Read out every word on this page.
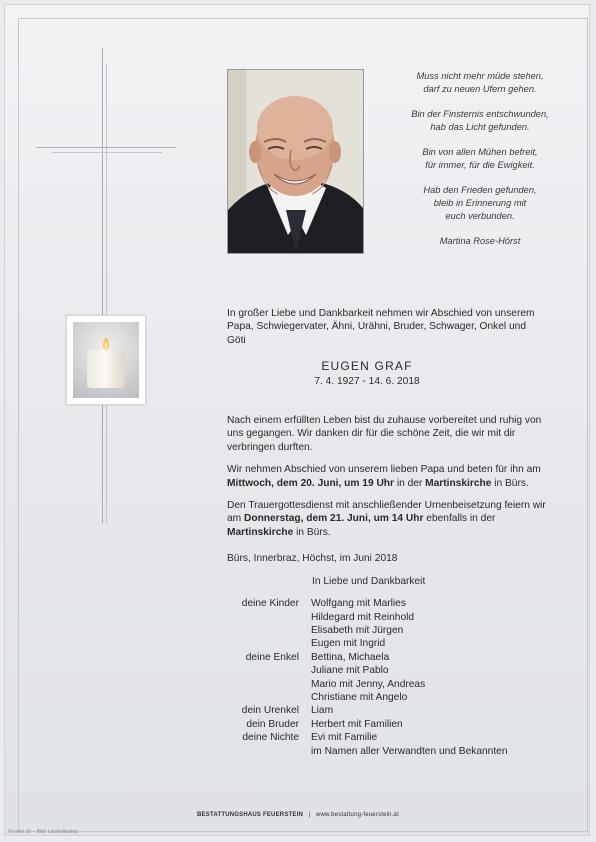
Muss nicht mehr müde stehen,
darf zu neuen Ufern gehen.
Bin der Finsternis entschwunden,
hab das Licht gefunden.
Bin von allen Mühen befreit,
für immer, für die Ewigkeit.
Hab den Frieden gefunden,
bleib in Erinnerung mit
euch verbunden.
Martina Rose-Hörst

In großer Liebe und Dankbarkeit nehmen wir Abschied von unserem Papa, Schwiegervater, Ähni, Urähni, Bruder, Schwager, Onkel und Göti

EUGEN GRAF
7. 4. 1927 - 14. 6. 2018

Nach einem erfüllten Leben bist du zuhause vorbereitet und ruhig von uns gegangen. Wir danken dir für die schöne Zeit, die wir mit dir verbringen durften.

Wir nehmen Abschied von unserem lieben Papa und beten für ihn am Mittwoch, dem 20. Juni, um 19 Uhr in der Martinskirche in Bürs.

Den Trauergottesdienst mit anschließender Urnenbeisetzung feiern wir am Donnerstag, dem 21. Juni, um 14 Uhr ebenfalls in der Martinskirche in Bürs.

Bürs, Innerbraz, Höchst, im Juni 2018

In Liebe und Dankbarkeit

deine Kinder	Wolfgang mit Marlies
Hildegard mit Reinhold
Elisabeth mit Jürgen
Eugen mit Ingrid
deine Enkel	Bettina, Michaela
Juliane mit Pablo
Mario mit Jenny, Andreas
Christiane mit Angelo
dein Urenkel	Liam
dein Bruder	Herbert mit Familien
deine Nichte	Evi mit Familie
im Namen aller Verwandten und Bekannten
BESTATTUNGSHAUS FEUERSTEIN | www.bestattung-feuerstein.at
Renten 16 – Bild: Lösch/Austria
